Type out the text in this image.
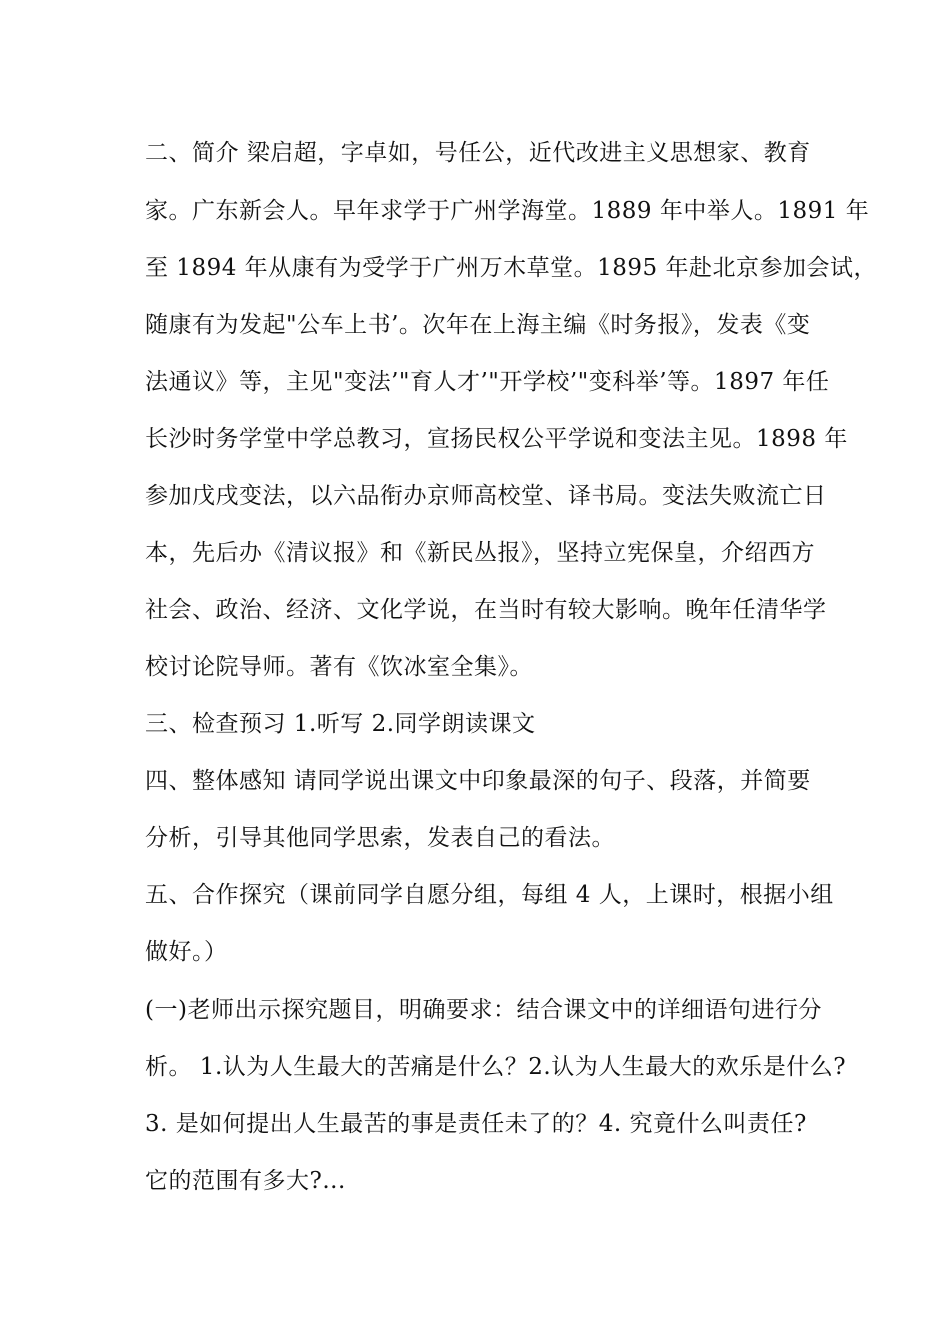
二、简介 梁启超，字卓如，号任公，近代改进主义思想家、教育
家。广东新会人。早年求学于广州学海堂。1889 年中举人。1891 年
至 1894 年从康有为受学于广州万木草堂。1895 年赴北京参加会试，
随康有为发起"公车上书’。次年在上海主编《时务报》，发表《变
法通议》等，主见"变法’"育人才’"开学校’"变科举’等。1897 年任
长沙时务学堂中学总教习，宣扬民权公平学说和变法主见。1898 年
参加戊戌变法，以六品衔办京师高校堂、译书局。变法失败流亡日
本，先后办《清议报》和《新民丛报》，坚持立宪保皇，介绍西方
社会、政治、经济、文化学说，在当时有较大影响。晚年任清华学
校讨论院导师。著有《饮冰室全集》。
三、检查预习 1.听写 2.同学朗读课文
四、整体感知 请同学说出课文中印象最深的句子、段落，并简要
分析，引导其他同学思索，发表自己的看法。
五、合作探究（课前同学自愿分组，每组 4 人，上课时，根据小组
做好。）
(一)老师出示探究题目，明确要求：结合课文中的详细语句进行分
析。 1.认为人生最大的苦痛是什么？2.认为人生最大的欢乐是什么?
3. 是如何提出人生最苦的事是责任未了的？4. 究竟什么叫责任?
它的范围有多大?...
